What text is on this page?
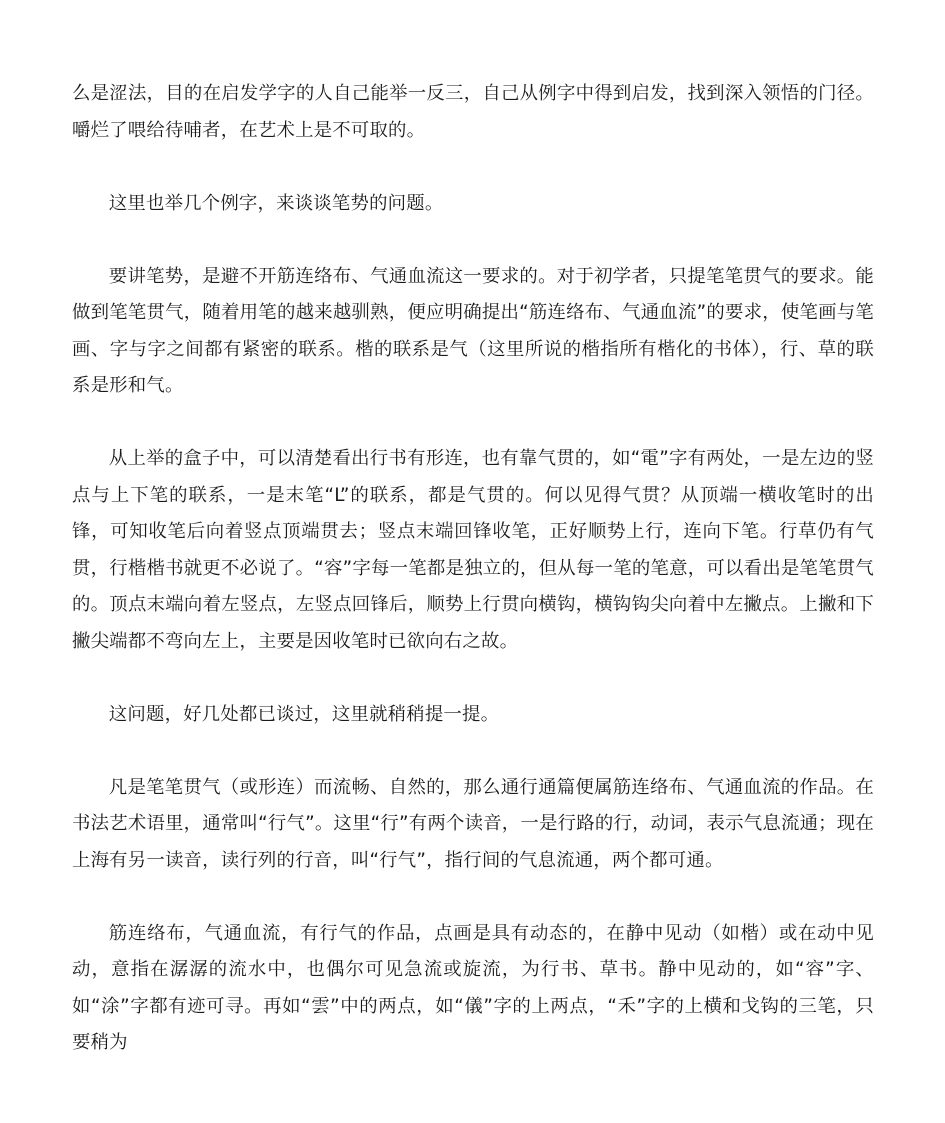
么是涩法，目的在启发学字的人自己能举一反三，自己从例字中得到启发，找到深入领悟的门径。嚼烂了喂给待哺者，在艺术上是不可取的。

这里也举几个例字，来谈谈笔势的问题。

要讲笔势，是避不开筋连络布、气通血流这一要求的。对于初学者，只提笔笔贯气的要求。能做到笔笔贯气，随着用笔的越来越驯熟，便应明确提出“筋连络布、气通血流”的要求，使笔画与笔画、字与字之间都有紧密的联系。楷的联系是气（这里所说的楷指所有楷化的书体），行、草的联系是形和气。

从上举的盒子中，可以清楚看出行书有形连，也有靠气贯的，如“電”字有两处，一是左边的竖点与上下笔的联系，一是末笔“L”的联系，都是气贯的。何以见得气贯？从顶端一横收笔时的出锋，可知收笔后向着竖点顶端贯去；竖点末端回锋收笔，正好顺势上行，连向下笔。行草仍有气贯，行楷楷书就更不必说了。“容”字每一笔都是独立的，但从每一笔的笔意，可以看出是笔笔贯气的。顶点末端向着左竖点，左竖点回锋后，顺势上行贯向横钩，横钩钩尖向着中左撇点。上撇和下撇尖端都不弯向左上，主要是因收笔时已欲向右之故。

这问题，好几处都已谈过，这里就稍稍提一提。

凡是笔笔贯气（或形连）而流畅、自然的，那么通行通篇便属筋连络布、气通血流的作品。在书法艺术语里，通常叫“行气”。这里“行”有两个读音，一是行路的行，动词，表示气息流通；现在上海有另一读音，读行列的行音，叫“行气”，指行间的气息流通，两个都可通。

筋连络布，气通血流，有行气的作品，点画是具有动态的，在静中见动（如楷）或在动中见动，意指在潺潺的流水中，也偶尔可见急流或旋流，为行书、草书。静中见动的，如“容”字、如“涂”字都有迹可寻。再如“雲”中的两点，如“儀”字的上两点，“禾”字的上横和戈钩的三笔，只要稍为
